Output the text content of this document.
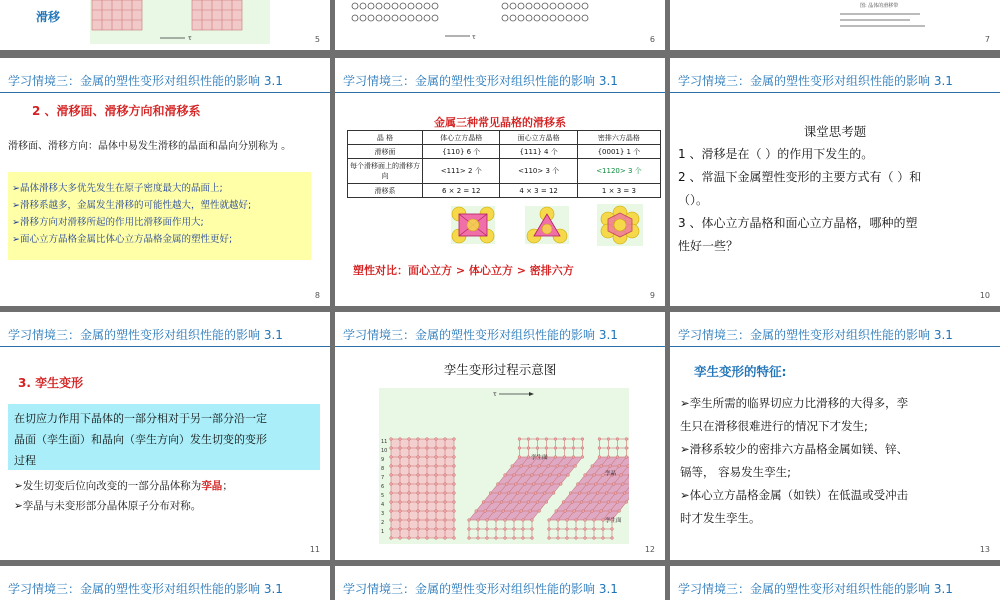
滑移
τ	5	τ	6
图: 晶体的滑移带
7
学习情境三：金属的塑性变形对组织性能的影响 3.1
2 、滑移面、滑移方向和滑移系
滑移面、滑移方向：晶体中易发生滑移的晶面和晶向分别称为 。
➢晶体滑移大多优先发生在原子密度最大的晶面上;
➢滑移系越多，金属发生滑移的可能性越大，塑性就越好;
➢滑移方向对滑移所起的作用比滑移面作用大;
➢面心立方晶格金属比体心立方晶格金属的塑性更好;
8
学习情境三：金属的塑性变形对组织性能的影响 3.1
金属三种常见晶格的滑移系
晶 格	体心立方晶格	面心立方晶格	密排六方晶格
滑移面	{110} 6 个	{111} 4 个	{0001} 1 个
每个滑移面上的滑移方向	<111> 2 个	<110> 3 个	<1120> 3 个
滑移系	6 × 2 = 12	4 × 3 = 12	1 × 3 = 3
塑性对比：面心立方 > 体心立方 > 密排六方
9
学习情境三：金属的塑性变形对组织性能的影响 3.1
课堂思考题
1 、滑移是在（ ）的作用下发生的。
2 、常温下金属塑性变形的主要方式有（ ）和
（）。
3 、体心立方晶格和面心立方晶格，哪种的塑
性好一些？
10
学习情境三：金属的塑性变形对组织性能的影响 3.1
3. 孪生变形
在切应力作用下晶体的一部分相对于另一部分沿一定
晶面（孪生面）和晶向（孪生方向）发生切变的变形
过程
➢发生切变后位向改变的一部分晶体称为孪晶；
➢孪晶与未变形部分晶体原子分布对称。
11
学习情境三：金属的塑性变形对组织性能的影响 3.1
孪生变形过程示意图
11
10
9
8
7
6
5
4
3
2
1
τ
孪生面
孪晶
孪生面
12
学习情境三：金属的塑性变形对组织性能的影响 3.1
孪生变形的特征:
➢孪生所需的临界切应力比滑移的大得多，孪
生只在滑移很难进行的情况下才发生;
➢滑移系较少的密排六方晶格金属如镁、锌、
镉等， 容易发生孪生;
➢体心立方晶格金属（如铁）在低温或受冲击
时才发生孪生。
13
学习情境三：金属的塑性变形对组织性能的影响 3.1	学习情境三：金属的塑性变形对组织性能的影响 3.1	学习情境三：金属的塑性变形对组织性能的影响 3.1
